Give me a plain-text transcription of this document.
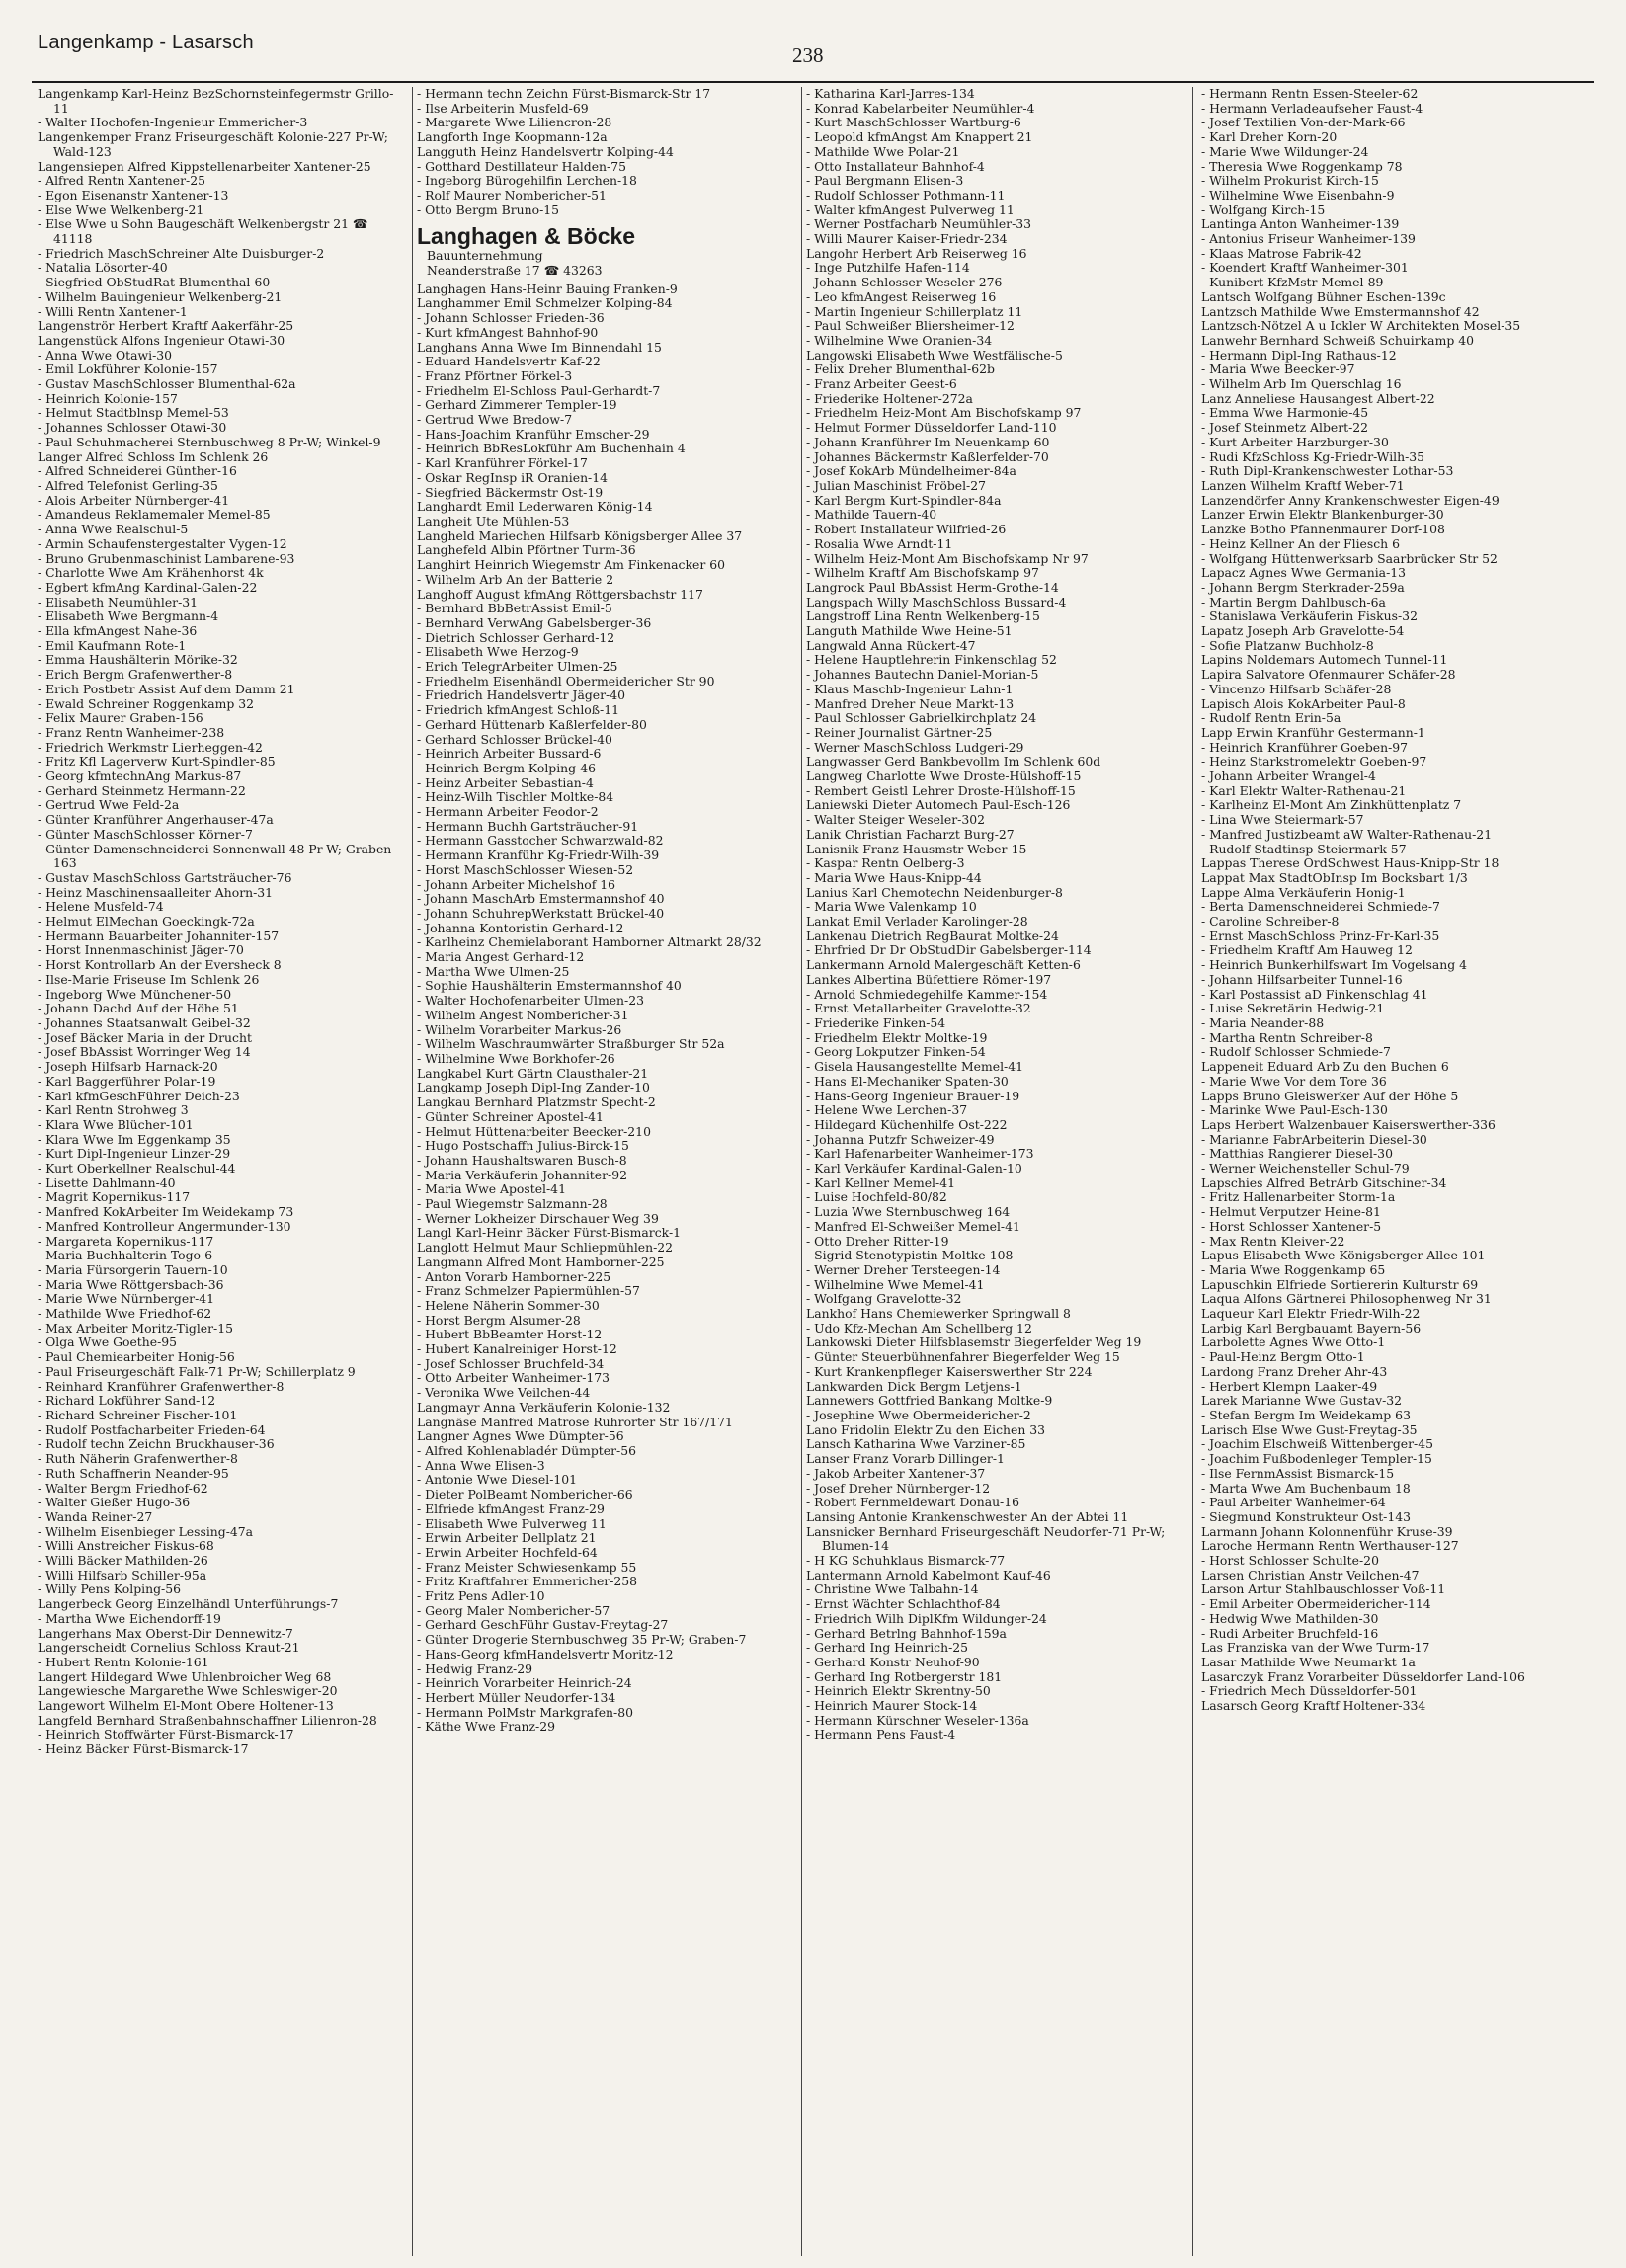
Langenkamp - Lasarsch
238
Langenkamp Karl-Heinz BezSchornsteinfegermstr Grillo-11
- Walter Hochofen-Ingenieur Emmericher-3
Langenkemper Franz Friseurgeschäft Kolonie-227 Pr-W; Wald-123
Langensiepen Alfred Kippstellenarbeiter Xantener-25
- Alfred Rentn Xantener-25
- Egon Eisenanstr Xantener-13
- Else Wwe Welkenberg-21
- Else Wwe u Sohn Baugeschäft Welkenbergstr 21 ☎ 41118
- Friedrich MaschSchreiner Alte Duisburger-2
- Natalia Lösorter-40
- Siegfried ObStudRat Blumenthal-60
- Wilhelm Bauingenieur Welkenberg-21
- Willi Rentn Xantener-1
Langenströr Herbert Kraftf Aakerfähr-25
Langenstück Alfons Ingenieur Otawi-30
- Anna Wwe Otawi-30
- Emil Lokführer Kolonie-157
- Gustav MaschSchlosser Blumenthal-62a
- Heinrich Kolonie-157
- Helmut Stadtblnsp Memel-53
- Johannes Schlosser Otawi-30
- Paul Schuhmacherei Sternbuschweg 8 Pr-W; Winkel-9
Langer Alfred Schloss Im Schlenk 26
- Alfred Schneiderei Günther-16
- Alfred Telefonist Gerling-35
- Alois Arbeiter Nürnberger-41
- Amandeus Reklamemaler Memel-85
- Anna Wwe Realschul-5
- Armin Schaufenstergestalter Vygen-12
- Bruno Grubenmaschinist Lambarene-93
- Charlotte Wwe Am Krähenhorst 4k
- Egbert kfmAng Kardinal-Galen-22
- Elisabeth Neumühler-31
- Elisabeth Wwe Bergmann-4
- Ella kfmAngest Nahe-36
- Emil Kaufmann Rote-1
- Emma Haushälterin Mörike-32
- Erich Bergm Grafenwerther-8
- Erich Postbetr Assist Auf dem Damm 21
- Ewald Schreiner Roggenkamp 32
- Felix Maurer Graben-156
- Franz Rentn Wanheimer-238
- Friedrich Werkmstr Lierheggen-42
- Fritz Kfl Lagerverw Kurt-Spindler-85
- Georg kfmtechnAng Markus-87
- Gerhard Steinmetz Hermann-22
- Gertrud Wwe Feld-2a
- Günter Kranführer Angerhauser-47a
- Günter MaschSchlosser Körner-7
- Günter Damenschneiderei Sonnenwall 48 Pr-W; Graben-163
- Gustav MaschSchloss Gartsträucher-76
- Heinz Maschinensaalleiter Ahorn-31
- Helene Musfeld-74
- Helmut ElMechan Goeckingk-72a
- Hermann Bauarbeiter Johanniter-157
- Horst Innenmaschinist Jäger-70
- Horst Kontrollarb An der Eversheck 8
- Ilse-Marie Friseuse Im Schlenk 26
- Ingeborg Wwe Münchener-50
- Johann Dachd Auf der Höhe 51
- Johannes Staatsanwalt Geibel-32
- Josef Bäcker Maria in der Drucht
- Josef BbAssist Worringer Weg 14
- Joseph Hilfsarb Harnack-20
- Karl Baggerführer Polar-19
- Karl kfmGeschFührer Deich-23
- Karl Rentn Strohweg 3
- Klara Wwe Blücher-101
- Klara Wwe Im Eggenkamp 35
- Kurt Dipl-Ingenieur Linzer-29
- Kurt Oberkellner Realschul-44
- Lisette Dahlmann-40
- Magrit Kopernikus-117
- Manfred KokArbeiter Im Weidekamp 73
- Manfred Kontrolleur Angermunder-130
- Margareta Kopernikus-117
- Maria Buchhalterin Togo-6
- Maria Fürsorgerin Tauern-10
- Maria Wwe Röttgersbach-36
- Marie Wwe Nürnberger-41
- Mathilde Wwe Friedhof-62
- Max Arbeiter Moritz-Tigler-15
- Olga Wwe Goethe-95
- Paul Chemiearbeiter Honig-56
- Paul Friseurgeschäft Falk-71 Pr-W; Schillerplatz 9
- Reinhard Kranführer Grafenwerther-8
- Richard Lokführer Sand-12
- Richard Schreiner Fischer-101
- Rudolf Postfacharbeiter Frieden-64
- Rudolf techn Zeichn Bruckhauser-36
- Ruth Näherin Grafenwerther-8
- Ruth Schaffnerin Neander-95
- Walter Bergm Friedhof-62
- Walter Gießer Hugo-36
- Wanda Reiner-27
- Wilhelm Eisenbieger Lessing-47a
- Willi Anstreicher Fiskus-68
- Willi Bäcker Mathilden-26
- Willi Hilfsarb Schiller-95a
- Willy Pens Kolping-56
Langerbeck Georg Einzelhändl Unterführungs-7
- Martha Wwe Eichendorff-19
Langerhans Max Oberst-Dir Dennewitz-7
Langerscheidt Cornelius Schloss Kraut-21
- Hubert Rentn Kolonie-161
Langert Hildegard Wwe Uhlenbroicher Weg 68
Langewiesche Margarethe Wwe Schleswiger-20
Langewort Wilhelm El-Mont Obere Holtener-13
Langfeld Bernhard Straßenbahnschaffner Lilienron-28
- Heinrich Stoffwärter Fürst-Bismarck-17
- Heinz Bäcker Fürst-Bismarck-17
- Hermann techn Zeichn Fürst-Bismarck-Str 17
- Ilse Arbeiterin Musfeld-69
- Margarete Wwe Liliencron-28
Langforth Inge Koopmann-12a
Langguth Heinz Handelsvertr Kolping-44
- Gotthard Destillateur Halden-75
- Ingeborg Bürogehilfin Lerchen-18
- Rolf Maurer Nombericher-51
- Otto Bergm Bruno-15
Langhagen & Böcke
Bauunternehmung
Neanderstraße 17 ☎ 43263
Langhagen Hans-Heinr Bauing Franken-9
Langhammer Emil Schmelzer Kolping-84
- Johann Schlosser Frieden-36
- Kurt kfmAngest Bahnhof-90
Langhans Anna Wwe Im Binnendahl 15
- Eduard Handelsvertr Kaf-22
- Franz Pförtner Förkel-3
- Friedhelm El-Schloss Paul-Gerhardt-7
- Gerhard Zimmerer Templer-19
- Gertrud Wwe Bredow-7
- Hans-Joachim Kranführ Emscher-29
- Heinrich BbResLokführ Am Buchenhain 4
- Karl Kranführer Förkel-17
- Oskar RegInsp iR Oranien-14
- Siegfried Bäckermstr Ost-19
Langhardt Emil Lederwaren König-14
Langheit Ute Mühlen-53
Langheld Mariechen Hilfsarb Königsberger Allee 37
Langhefeld Albin Pförtner Turm-36
Langhirt Heinrich Wiegemstr Am Finkenacker 60
- Wilhelm Arb An der Batterie 2
Langhoff August kfmAng Röttgersbachstr 117
- Bernhard BbBetrAssist Emil-5
- Bernhard VerwAng Gabelsberger-36
- Dietrich Schlosser Gerhard-12
- Elisabeth Wwe Herzog-9
- Erich TelegrArbeiter Ulmen-25
- Friedhelm Eisenhändl Obermeidericher Str 90
- Friedrich Handelsvertr Jäger-40
- Friedrich kfmAngest Schloß-11
- Gerhard Hüttenarb Kaßlerfelder-80
- Gerhard Schlosser Brückel-40
- Heinrich Arbeiter Bussard-6
- Heinrich Bergm Kolping-46
- Heinz Arbeiter Sebastian-4
- Heinz-Wilh Tischler Moltke-84
- Hermann Arbeiter Feodor-2
- Hermann Buchh Gartsträucher-91
- Hermann Gasstocher Schwarzwald-82
- Hermann Kranführ Kg-Friedr-Wilh-39
- Horst MaschSchlosser Wiesen-52
- Johann Arbeiter Michelshof 16
- Johann MaschArb Emstermannshof 40
- Johann SchuhrepWerkstatt Brückel-40
- Johanna Kontoristin Gerhard-12
- Karlheinz Chemielaborant Hamborner Altmarkt 28/32
- Maria Angest Gerhard-12
- Martha Wwe Ulmen-25
- Sophie Haushälterin Emstermannshof 40
- Walter Hochofenarbeiter Ulmen-23
- Wilhelm Angest Nombericher-31
- Wilhelm Vorarbeiter Markus-26
- Wilhelm Waschraumwärter Straßburger Str 52a
- Wilhelmine Wwe Borkhofer-26
Langkabel Kurt Gärtn Clausthaler-21
Langkamp Joseph Dipl-Ing Zander-10
Langkau Bernhard Platzmstr Specht-2
- Günter Schreiner Apostel-41
- Helmut Hüttenarbeiter Beecker-210
- Hugo Postschaffn Julius-Birck-15
- Johann Haushaltswaren Busch-8
- Maria Verkäuferin Johanniter-92
- Maria Wwe Apostel-41
- Paul Wiegemstr Salzmann-28
- Werner Lokheizer Dirschauer Weg 39
Langl Karl-Heinr Bäcker Fürst-Bismarck-1
Langlott Helmut Maur Schliepmühlen-22
Langmann Alfred Mont Hamborner-225
- Anton Vorarb Hamborner-225
- Franz Schmelzer Papiermühlen-57
- Helene Näherin Sommer-30
- Horst Bergm Alsumer-28
- Hubert BbBeamter Horst-12
- Hubert Kanalreiniger Horst-12
- Josef Schlosser Bruchfeld-34
- Otto Arbeiter Wanheimer-173
- Veronika Wwe Veilchen-44
Langmayr Anna Verkäuferin Kolonie-132
Langnäse Manfred Matrose Ruhrorter Str 167/171
Langner Agnes Wwe Dümpter-56
- Alfred Kohlenabladér Dümpter-56
- Anna Wwe Elisen-3
- Antonie Wwe Diesel-101
- Dieter PolBeamt Nombericher-66
- Elfriede kfmAngest Franz-29
- Elisabeth Wwe Pulverweg 11
- Erwin Arbeiter Dellplatz 21
- Erwin Arbeiter Hochfeld-64
- Franz Meister Schwiesenkamp 55
- Fritz Kraftfahrer Emmericher-258
- Fritz Pens Adler-10
- Georg Maler Nombericher-57
- Gerhard GeschFühr Gustav-Freytag-27
- Günter Drogerie Sternbuschweg 35 Pr-W; Graben-7
- Hans-Georg kfmHandelsvertr Moritz-12
- Hedwig Franz-29
- Heinrich Vorarbeiter Heinrich-24
- Herbert Müller Neudorfer-134
- Hermann PolMstr Markgrafen-80
- Käthe Wwe Franz-29
- Katharina Karl-Jarres-134
- Konrad Kabelarbeiter Neumühler-4
- Kurt MaschSchlosser Wartburg-6
- Leopold kfmAngst Am Knappert 21
- Mathilde Wwe Polar-21
- Otto Installateur Bahnhof-4
- Paul Bergmann Elisen-3
- Rudolf Schlosser Pothmann-11
- Walter kfmAngest Pulverweg 11
- Werner Postfacharb Neumühler-33
- Willi Maurer Kaiser-Friedr-234
Langohr Herbert Arb Reiserweg 16
- Inge Putzhilfe Hafen-114
- Johann Schlosser Weseler-276
- Leo kfmAngest Reiserweg 16
- Martin Ingenieur Schillerplatz 11
- Paul Schweißer Bliersheimer-12
- Wilhelmine Wwe Oranien-34
Langowski Elisabeth Wwe Westfälische-5
- Felix Dreher Blumenthal-62b
- Franz Arbeiter Geest-6
- Friederike Holtener-272a
- Friedhelm Heiz-Mont Am Bischofskamp 97
- Helmut Former Düsseldorfer Land-110
- Johann Kranführer Im Neuenkamp 60
- Johannes Bäckermstr Kaßlerfelder-70
- Josef KokArb Mündelheimer-84a
- Julian Maschinist Fröbel-27
- Karl Bergm Kurt-Spindler-84a
- Mathilde Tauern-40
- Robert Installateur Wilfried-26
- Rosalia Wwe Arndt-11
- Wilhelm Heiz-Mont Am Bischofskamp Nr 97
- Wilhelm Kraftf Am Bischofskamp 97
Langrock Paul BbAssist Herm-Grothe-14
Langspach Willy MaschSchloss Bussard-4
Langstroff Lina Rentn Welkenberg-15
Languth Mathilde Wwe Heine-51
Langwald Anna Rückert-47
- Helene Hauptlehrerin Finkenschlag 52
- Johannes Bautechn Daniel-Morian-5
- Klaus Maschb-Ingenieur Lahn-1
- Manfred Dreher Neue Markt-13
- Paul Schlosser Gabrielkirchplatz 24
- Reiner Journalist Gärtner-25
- Werner MaschSchloss Ludgeri-29
Langwasser Gerd Bankbevollm Im Schlenk 60d
Langweg Charlotte Wwe Droste-Hülshoff-15
- Rembert Geistl Lehrer Droste-Hülshoff-15
Laniewski Dieter Automech Paul-Esch-126
- Walter Steiger Weseler-302
Lanik Christian Facharzt Burg-27
Lanisnik Franz Hausmstr Weber-15
- Kaspar Rentn Oelberg-3
- Maria Wwe Haus-Knipp-44
Lanius Karl Chemotechn Neidenburger-8
- Maria Wwe Valenkamp 10
Lankat Emil Verlader Karolinger-28
Lankenau Dietrich RegBaurat Moltke-24
- Ehrfried Dr Dr ObStudDir Gabelsberger-114
Lankermann Arnold Malergeschäft Ketten-6
Lankes Albertina Büfettiere Römer-197
- Arnold Schmiedegehilfe Kammer-154
- Ernst Metallarbeiter Gravelotte-32
- Friederike Finken-54
- Friedhelm Elektr Moltke-19
- Georg Lokputzer Finken-54
- Gisela Hausangestellte Memel-41
- Hans El-Mechaniker Spaten-30
- Hans-Georg Ingenieur Brauer-19
- Helene Wwe Lerchen-37
- Hildegard Küchenhilfe Ost-222
- Johanna Putzfr Schweizer-49
- Karl Hafenarbeiter Wanheimer-173
- Karl Verkäufer Kardinal-Galen-10
- Karl Kellner Memel-41
- Luise Hochfeld-80/82
- Luzia Wwe Sternbuschweg 164
- Manfred El-Schweißer Memel-41
- Otto Dreher Ritter-19
- Sigrid Stenotypistin Moltke-108
- Werner Dreher Tersteegen-14
- Wilhelmine Wwe Memel-41
- Wolfgang Gravelotte-32
Lankhof Hans Chemiewerker Springwall 8
- Udo Kfz-Mechan Am Schellberg 12
Lankowski Dieter Hilfsblasemstr Biegerfelder Weg 19
- Günter Steuerbühnenfahrer Biegerfelder Weg 15
- Kurt Krankenpfleger Kaiserswerther Str 224
Lankwarden Dick Bergm Letjens-1
Lannewers Gottfried Bankang Moltke-9
- Josephine Wwe Obermeidericher-2
Lano Fridolin Elektr Zu den Eichen 33
Lansch Katharina Wwe Varziner-85
Lanser Franz Vorarb Dillinger-1
- Jakob Arbeiter Xantener-37
- Josef Dreher Nürnberger-12
- Robert Fernmeldewart Donau-16
Lansing Antonie Krankenschwester An der Abtei 11
Lansnicker Bernhard Friseurgeschäft Neudorfer-71 Pr-W; Blumen-14
- H KG Schuhklaus Bismarck-77
Lantermann Arnold Kabelmont Kauf-46
- Christine Wwe Talbahn-14
- Ernst Wächter Schlachthof-84
- Friedrich Wilh DiplKfm Wildunger-24
- Gerhard Betrlng Bahnhof-159a
- Gerhard Ing Heinrich-25
- Gerhard Konstr Neuhof-90
- Gerhard Ing Rotbergerstr 181
- Heinrich Elektr Skrentny-50
- Heinrich Maurer Stock-14
- Hermann Kürschner Weseler-136a
- Hermann Pens Faust-4
- Hermann Rentn Essen-Steeler-62
- Hermann Verladeaufseher Faust-4
- Josef Textilien Von-der-Mark-66
- Karl Dreher Korn-20
- Marie Wwe Wildunger-24
- Theresia Wwe Roggenkamp 78
- Wilhelm Prokurist Kirch-15
- Wilhelmine Wwe Eisenbahn-9
- Wolfgang Kirch-15
Lantinga Anton Wanheimer-139
- Antonius Friseur Wanheimer-139
- Klaas Matrose Fabrik-42
- Koendert Kraftf Wanheimer-301
- Kunibert KfzMstr Memel-89
Lantsch Wolfgang Bühner Eschen-139c
Lantzsch Mathilde Wwe Emstermannshof 42
Lantzsch-Nötzel A u Ickler W Architekten Mosel-35
Lanwehr Bernhard Schweiß Schuirkamp 40
- Hermann Dipl-Ing Rathaus-12
- Maria Wwe Beecker-97
- Wilhelm Arb Im Querschlag 16
Lanz Anneliese Hausangest Albert-22
- Emma Wwe Harmonie-45
- Josef Steinmetz Albert-22
- Kurt Arbeiter Harzburger-30
- Rudi KfzSchloss Kg-Friedr-Wilh-35
- Ruth Dipl-Krankenschwester Lothar-53
Lanzen Wilhelm Kraftf Weber-71
Lanzendörfer Anny Krankenschwester Eigen-49
Lanzer Erwin Elektr Blankenburger-30
Lanzke Botho Pfannenmaurer Dorf-108
- Heinz Kellner An der Fliesch 6
- Wolfgang Hüttenwerksarb Saarbrücker Str 52
Lapacz Agnes Wwe Germania-13
- Johann Bergm Sterkrader-259a
- Martin Bergm Dahlbusch-6a
- Stanislawa Verkäuferin Fiskus-32
Lapatz Joseph Arb Gravelotte-54
- Sofie Platzanw Buchholz-8
Lapins Noldemars Automech Tunnel-11
Lapira Salvatore Ofenmaurer Schäfer-28
- Vincenzo Hilfsarb Schäfer-28
Lapisch Alois KokArbeiter Paul-8
- Rudolf Rentn Erin-5a
Lapp Erwin Kranführ Gestermann-1
- Heinrich Kranführer Goeben-97
- Heinz Starkstromelektr Goeben-97
- Johann Arbeiter Wrangel-4
- Karl Elektr Walter-Rathenau-21
- Karlheinz El-Mont Am Zinkhüttenplatz 7
- Lina Wwe Steiermark-57
- Manfred Justizbeamt aW Walter-Rathenau-21
- Rudolf Stadtinsp Steiermark-57
Lappas Therese OrdSchwest Haus-Knipp-Str 18
Lappat Max StadtObInsp Im Bocksbart 1/3
Lappe Alma Verkäuferin Honig-1
- Berta Damenschneiderei Schmiede-7
- Caroline Schreiber-8
- Ernst MaschSchloss Prinz-Fr-Karl-35
- Friedhelm Kraftf Am Hauweg 12
- Heinrich Bunkerhilfswart Im Vogelsang 4
- Johann Hilfsarbeiter Tunnel-16
- Karl Postassist aD Finkenschlag 41
- Luise Sekretärin Hedwig-21
- Maria Neander-88
- Martha Rentn Schreiber-8
- Rudolf Schlosser Schmiede-7
Lappeneit Eduard Arb Zu den Buchen 6
- Marie Wwe Vor dem Tore 36
Lapps Bruno Gleiswerker Auf der Höhe 5
- Marinke Wwe Paul-Esch-130
Laps Herbert Walzenbauer Kaiserswerther-336
- Marianne FabrArbeiterin Diesel-30
- Matthias Rangierer Diesel-30
- Werner Weichensteller Schul-79
Lapschies Alfred BetrArb Gitschiner-34
- Fritz Hallenarbeiter Storm-1a
- Helmut Verputzer Heine-81
- Horst Schlosser Xantener-5
- Max Rentn Kleiver-22
Lapus Elisabeth Wwe Königsberger Allee 101
- Maria Wwe Roggenkamp 65
Lapuschkin Elfriede Sortiererin Kulturstr 69
Laqua Alfons Gärtnerei Philosophenweg Nr 31
Laqueur Karl Elektr Friedr-Wilh-22
Larbig Karl Bergbauamt Bayern-56
Larbolette Agnes Wwe Otto-1
- Paul-Heinz Bergm Otto-1
Lardong Franz Dreher Ahr-43
- Herbert Klempn Laaker-49
Larek Marianne Wwe Gustav-32
- Stefan Bergm Im Weidekamp 63
Larisch Else Wwe Gust-Freytag-35
- Joachim Elschweiß Wittenberger-45
- Joachim Fußbodenleger Templer-15
- Ilse FernmAssist Bismarck-15
- Marta Wwe Am Buchenbaum 18
- Paul Arbeiter Wanheimer-64
- Siegmund Konstrukteur Ost-143
Larmann Johann Kolonnenführ Kruse-39
Laroche Hermann Rentn Werthauser-127
- Horst Schlosser Schulte-20
Larsen Christian Anstr Veilchen-47
Larson Artur Stahlbauschlosser Voß-11
- Emil Arbeiter Obermeidericher-114
- Hedwig Wwe Mathilden-30
- Rudi Arbeiter Bruchfeld-16
Las Franziska van der Wwe Turm-17
Lasar Mathilde Wwe Neumarkt 1a
Lasarczyk Franz Vorarbeiter Düsseldorfer Land-106
- Friedrich Mech Düsseldorfer-501
Lasarsch Georg Kraftf Holtener-334
